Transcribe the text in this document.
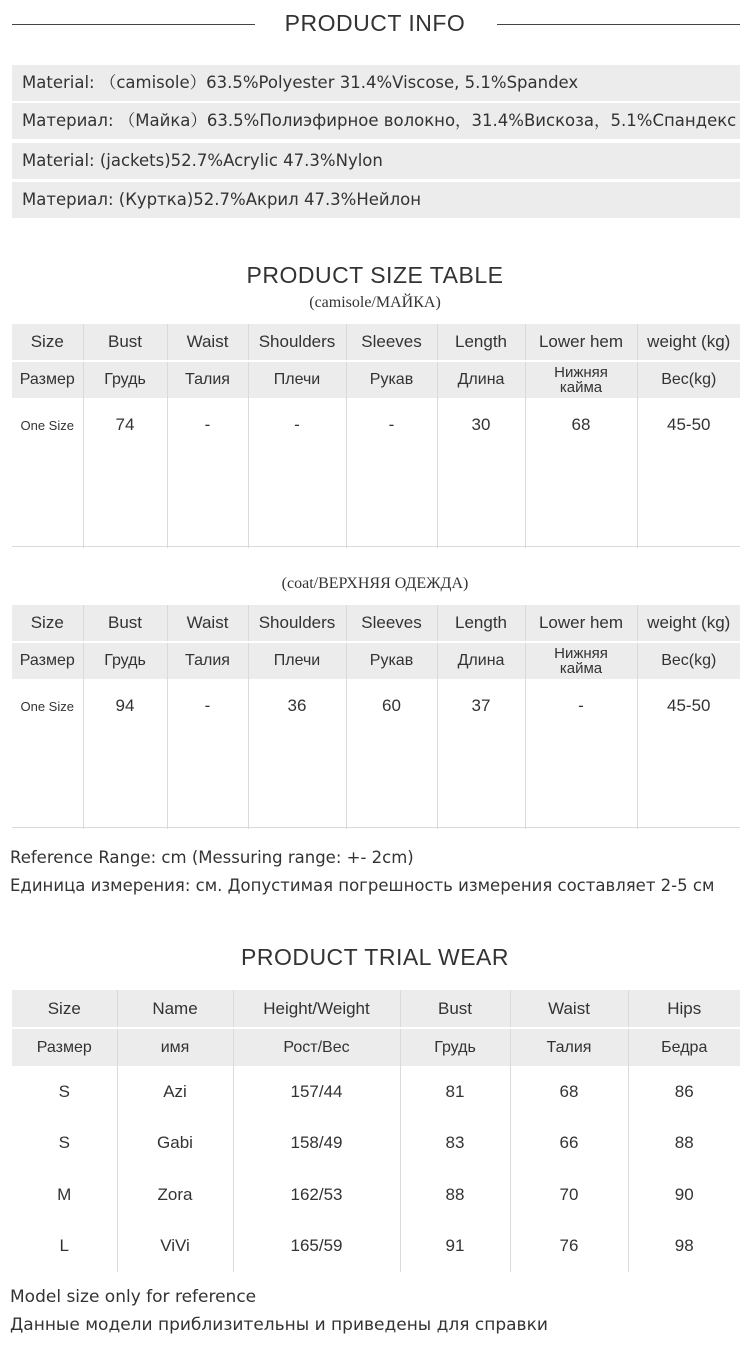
PRODUCT INFO
Material: （camisole）63.5%Polyester 31.4%Viscose, 5.1%Spandex
Материал: （Майка）63.5%Полиэфирное волокно，31.4%Вискоза，5.1%Спандекс
Material: (jackets)52.7%Acrylic 47.3%Nylon
Материал: (Куртка)52.7%Акрил 47.3%Нейлон
PRODUCT SIZE TABLE
(camisole/МАЙКА)
Size	Bust	Waist	Shoulders	Sleeves	Length	Lower hem	weight (kg)
Размер	Грудь	Талия	Плечи	Рукав	Длина	Нижняя кайма	Вес(kg)
One Size	74	-	-	-	30	68	45-50

(coat/ВЕРХНЯЯ ОДЕЖДА)
Size	Bust	Waist	Shoulders	Sleeves	Length	Lower hem	weight (kg)
Размер	Грудь	Талия	Плечи	Рукав	Длина	Нижняя кайма	Вес(kg)
One Size	94	-	36	60	37	-	45-50

Reference Range: cm (Messuring range: +- 2cm)
Единица измерения: см. Допустимая погрешность измерения составляет 2-5 см
PRODUCT TRIAL WEAR
Size	Name	Height/Weight	Bust	Waist	Hips
Размер	имя	Рост/Вес	Грудь	Талия	Бедра
S	Azi	157/44	81	68	86
S	Gabi	158/49	83	66	88
M	Zora	162/53	88	70	90
L	ViVi	165/59	91	76	98
Model size only for reference
Данные модели приблизительны и приведены для справки
